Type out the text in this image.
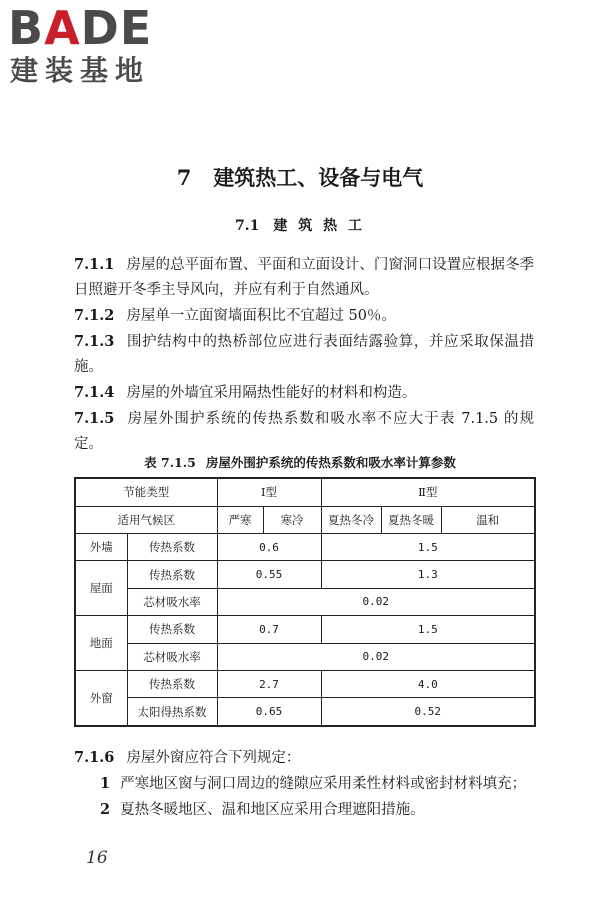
BADE
建装基地
7 建筑热工、设备与电气
7.1 建 筑 热 工
7.1.1 房屋的总平面布置、平面和立面设计、门窗洞口设置应根据冬季日照避开冬季主导风向，并应有利于自然通风。
7.1.2 房屋单一立面窗墙面积比不宜超过 50％。
7.1.3 围护结构中的热桥部位应进行表面结露验算，并应采取保温措施。
7.1.4 房屋的外墙宜采用隔热性能好的材料和构造。
7.1.5 房屋外围护系统的传热系数和吸水率不应大于表 7.1.5 的规定。
表 7.1.5 房屋外围护系统的传热系数和吸水率计算参数
节能类型		Ⅰ型		Ⅱ型		
适用气候区		严寒	寒冷	夏热冬冷	夏热冬暖	温和
外墙	传热系数	0.6		1.5		
屋面	传热系数	0.55		1.3		
	芯材吸水率	0.02				
地面	传热系数	0.7		1.5		
	芯材吸水率	0.02				
外窗	传热系数	2.7		4.0		
	太阳得热系数	0.65		0.52		
7.1.6 房屋外窗应符合下列规定：
1 严寒地区窗与洞口周边的缝隙应采用柔性材料或密封材料填充；
2 夏热冬暖地区、温和地区应采用合理遮阳措施。
16
